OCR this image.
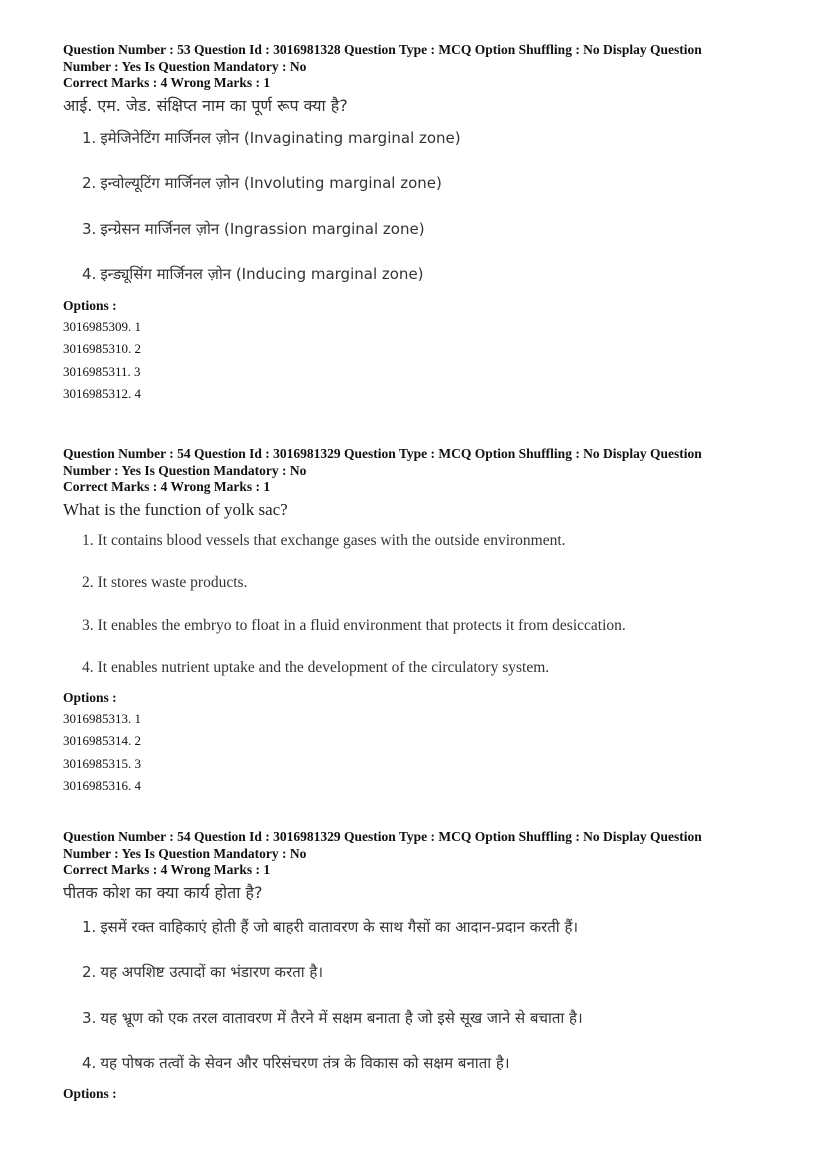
Question Number : 53 Question Id : 3016981328 Question Type : MCQ Option Shuffling : No Display Question
Number : Yes Is Question Mandatory : No
Correct Marks : 4 Wrong Marks : 1
आई. एम. जेड. संक्षिप्त नाम का पूर्ण रूप क्या है?
1. इमेजिनेटिंग मार्जिनल ज़ोन (Invaginating marginal zone)
2. इन्वोल्यूटिंग मार्जिनल ज़ोन (Involuting marginal zone)
3. इन्ग्रेसन मार्जिनल ज़ोन (Ingrassion marginal zone)
4. इन्ड्यूसिंग मार्जिनल ज़ोन (Inducing marginal zone)
Options :
3016985309. 1
3016985310. 2
3016985311. 3
3016985312. 4
Question Number : 54 Question Id : 3016981329 Question Type : MCQ Option Shuffling : No Display Question
Number : Yes Is Question Mandatory : No
Correct Marks : 4 Wrong Marks : 1
What is the function of yolk sac?
1. It contains blood vessels that exchange gases with the outside environment.
2. It stores waste products.
3. It enables the embryo to float in a fluid environment that protects it from desiccation.
4. It enables nutrient uptake and the development of the circulatory system.
Options :
3016985313. 1
3016985314. 2
3016985315. 3
3016985316. 4
Question Number : 54 Question Id : 3016981329 Question Type : MCQ Option Shuffling : No Display Question
Number : Yes Is Question Mandatory : No
Correct Marks : 4 Wrong Marks : 1
पीतक कोश का क्या कार्य होता है?
1. इसमें रक्त वाहिकाएं होती हैं जो बाहरी वातावरण के साथ गैसों का आदान-प्रदान करती हैं।
2. यह अपशिष्ट उत्पादों का भंडारण करता है।
3. यह भ्रूण को एक तरल वातावरण में तैरने में सक्षम बनाता है जो इसे सूख जाने से बचाता है।
4. यह पोषक तत्वों के सेवन और परिसंचरण तंत्र के विकास को सक्षम बनाता है।
Options :
